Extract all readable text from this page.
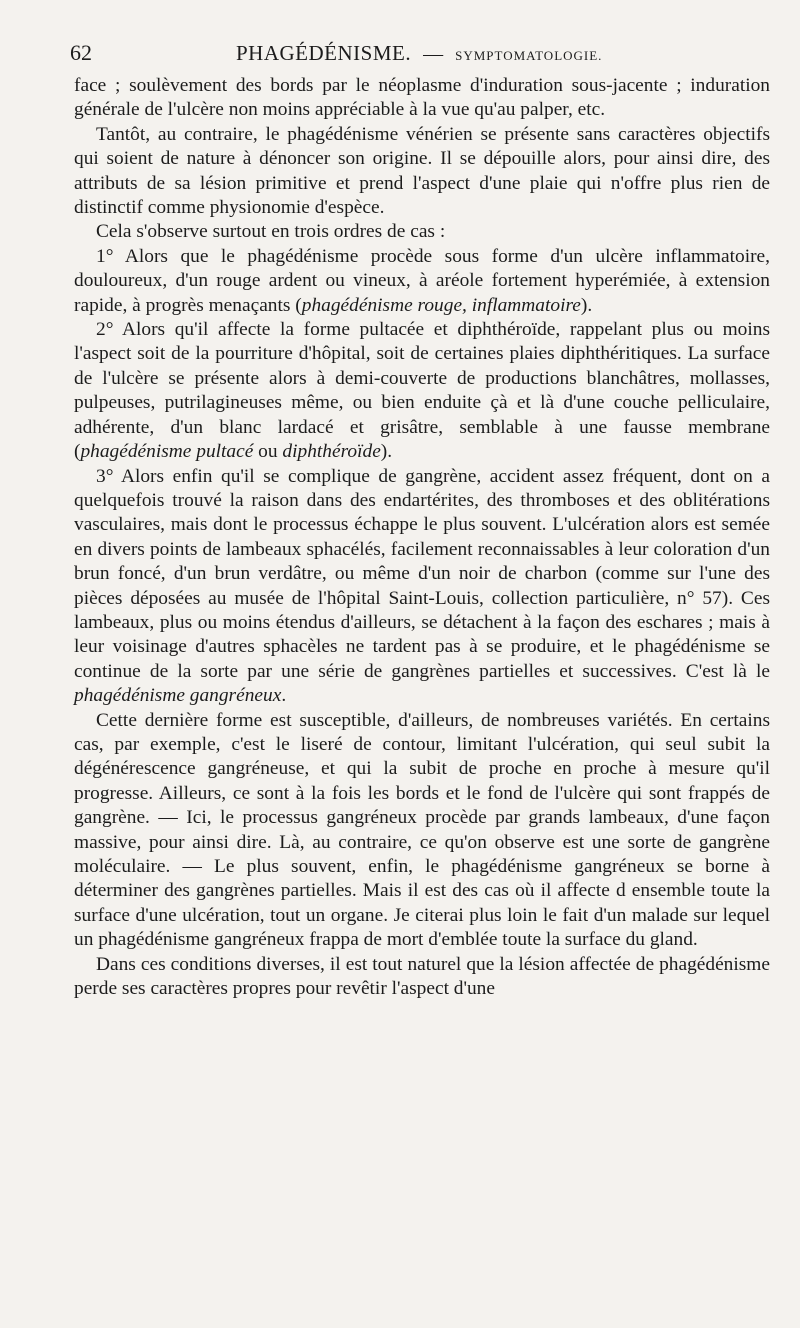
62	PHAGÉDÉNISME. — SYMPTOMATOLOGIE.

face ; soulèvement des bords par le néoplasme d'induration sous-jacente ; induration générale de l'ulcère non moins appréciable à la vue qu'au palper, etc.

Tantôt, au contraire, le phagédénisme vénérien se présente sans caractères objectifs qui soient de nature à dénoncer son origine. Il se dépouille alors, pour ainsi dire, des attributs de sa lésion primitive et prend l'aspect d'une plaie qui n'offre plus rien de distinctif comme physionomie d'espèce.

Cela s'observe surtout en trois ordres de cas :

1° Alors que le phagédénisme procède sous forme d'un ulcère inflammatoire, douloureux, d'un rouge ardent ou vineux, à aréole fortement hyperémiée, à extension rapide, à progrès menaçants (phagédénisme rouge, inflammatoire).

2° Alors qu'il affecte la forme pultacée et diphthéroïde, rappelant plus ou moins l'aspect soit de la pourriture d'hôpital, soit de certaines plaies diphthéritiques. La surface de l'ulcère se présente alors à demi-couverte de productions blanchâtres, mollasses, pulpeuses, putrilagineuses même, ou bien enduite çà et là d'une couche pelliculaire, adhérente, d'un blanc lardacé et grisâtre, semblable à une fausse membrane (phagédénisme pultacé ou diphthéroïde).

3° Alors enfin qu'il se complique de gangrène, accident assez fréquent, dont on a quelquefois trouvé la raison dans des endartérites, des thromboses et des oblitérations vasculaires, mais dont le processus échappe le plus souvent. L'ulcération alors est semée en divers points de lambeaux sphacélés, facilement reconnaissables à leur coloration d'un brun foncé, d'un brun verdâtre, ou même d'un noir de charbon (comme sur l'une des pièces déposées au musée de l'hôpital Saint-Louis, collection particulière, n° 57). Ces lambeaux, plus ou moins étendus d'ailleurs, se détachent à la façon des eschares ; mais à leur voisinage d'autres sphacèles ne tardent pas à se produire, et le phagédénisme se continue de la sorte par une série de gangrènes partielles et successives. C'est là le phagédénisme gangréneux.

Cette dernière forme est susceptible, d'ailleurs, de nombreuses variétés. En certains cas, par exemple, c'est le liseré de contour, limitant l'ulcération, qui seul subit la dégénérescence gangréneuse, et qui la subit de proche en proche à mesure qu'il progresse. Ailleurs, ce sont à la fois les bords et le fond de l'ulcère qui sont frappés de gangrène. — Ici, le processus gangréneux procède par grands lambeaux, d'une façon massive, pour ainsi dire. Là, au contraire, ce qu'on observe est une sorte de gangrène moléculaire. — Le plus souvent, enfin, le phagédénisme gangréneux se borne à déterminer des gangrènes partielles. Mais il est des cas où il affecte d ensemble toute la surface d'une ulcération, tout un organe. Je citerai plus loin le fait d'un malade sur lequel un phagédénisme gangréneux frappa de mort d'emblée toute la surface du gland.

Dans ces conditions diverses, il est tout naturel que la lésion affectée de phagédénisme perde ses caractères propres pour revêtir l'aspect d'une
